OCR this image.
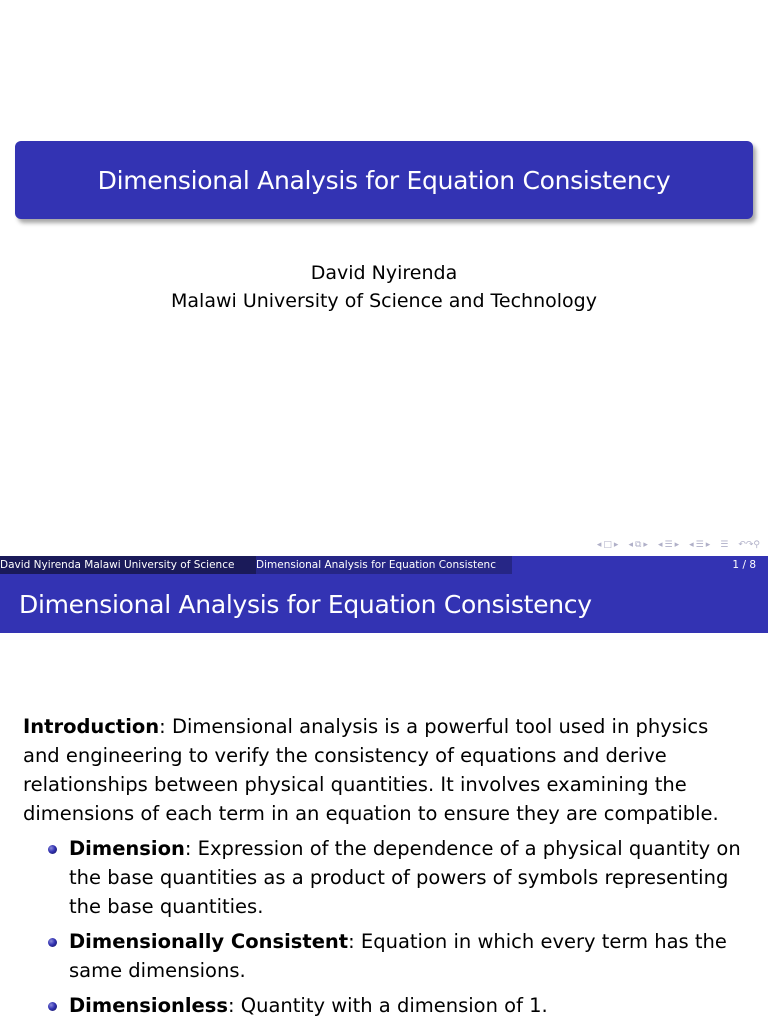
Dimensional Analysis for Equation Consistency
David Nyirenda
Malawi University of Science and Technology
◂ □ ▸ ◂ ⧉ ▸ ◂ ☰ ▸ ◂ ☰ ▸ ☰ ↶↷⚲
David Nyirenda Malawi University of Science	Dimensional Analysis for Equation Consistenc	1 / 8
Dimensional Analysis for Equation Consistency

Introduction: Dimensional analysis is a powerful tool used in physics and engineering to verify the consistency of equations and derive relationships between physical quantities. It involves examining the dimensions of each term in an equation to ensure they are compatible.

Dimension: Expression of the dependence of a physical quantity on the base quantities as a product of powers of symbols representing the base quantities.
Dimensionally Consistent: Equation in which every term has the same dimensions.
Dimensionless: Quantity with a dimension of 1.
